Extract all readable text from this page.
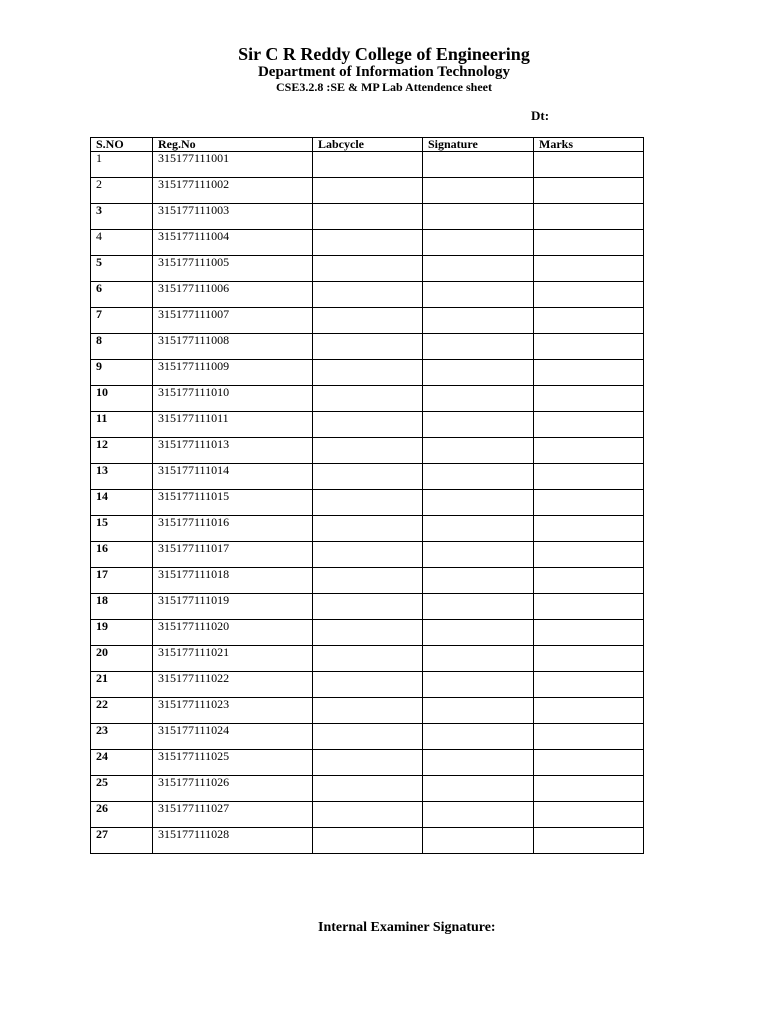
Sir C R Reddy College of Engineering
Department of Information Technology
CSE3.2.8 :SE & MP Lab Attendence sheet
Dt:
S.NO	Reg.No	Labcycle	Signature	Marks
1	315177111001			
2	315177111002			
3	315177111003			
4	315177111004			
5	315177111005			
6	315177111006			
7	315177111007			
8	315177111008			
9	315177111009			
10	315177111010			
11	315177111011			
12	315177111013			
13	315177111014			
14	315177111015			
15	315177111016			
16	315177111017			
17	315177111018			
18	315177111019			
19	315177111020			
20	315177111021			
21	315177111022			
22	315177111023			
23	315177111024			
24	315177111025			
25	315177111026			
26	315177111027			
27	315177111028			
Internal Examiner Signature:
